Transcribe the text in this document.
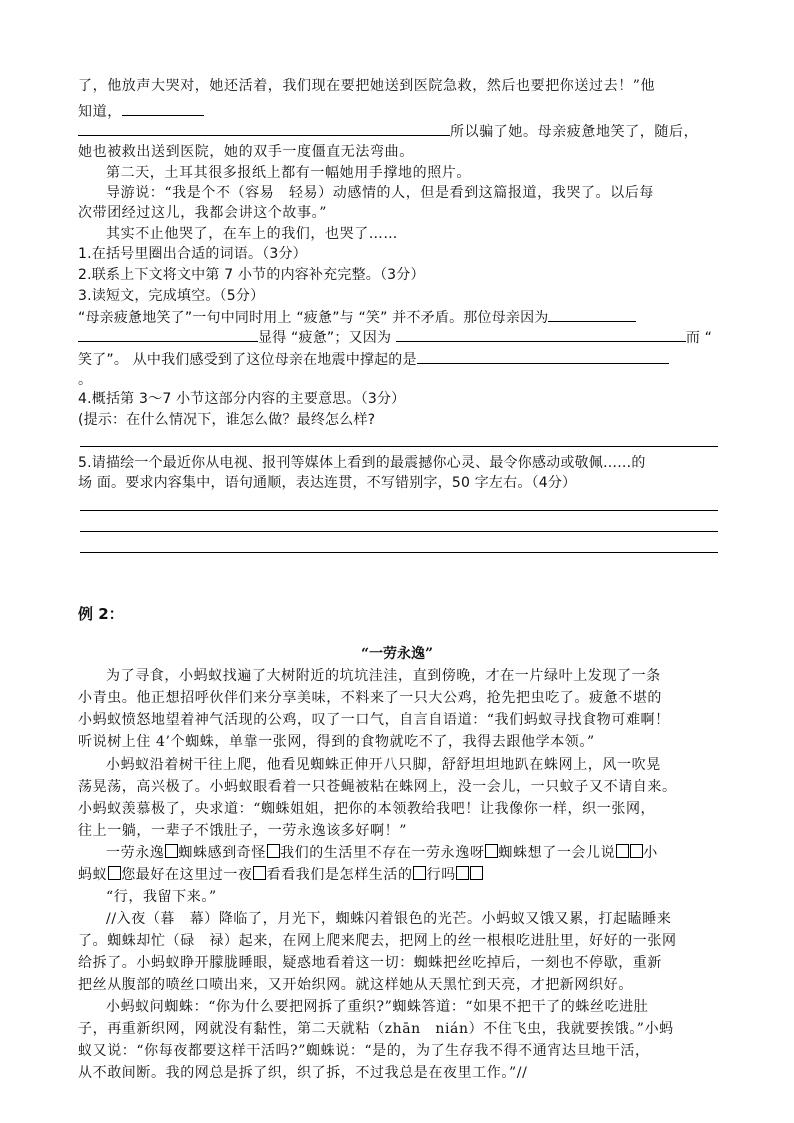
了，他放声大哭对，她还活着，我们现在要把她送到医院急救，然后也要把你送过去！”他
知道，
所以骗了她。母亲疲惫地笑了，随后，
她也被救出送到医院，她的双手一度僵直无法弯曲。
第二天，土耳其很多报纸上都有一幅她用手撑地的照片。
导游说：“我是个不（容易　轻易）动感情的人，但是看到这篇报道，我哭了。以后每
次带团经过这儿，我都会讲这个故事。”
其实不止他哭了，在车上的我们，也哭了……
1.在括号里圈出合适的词语。（3分）
2.联系上下文将文中第 7 小节的内容补充完整。（3分）
3.读短文，完成填空。（5分）
“母亲疲惫地笑了”一句中同时用上 “疲惫”与 “笑” 并不矛盾。那位母亲因为
显得 “疲惫”；又因为	而 “
笑了”。 从中我们感受到了这位母亲在地震中撑起的是
。
4.概括第 3～7 小节这部分内容的主要意思。（3分）
(提示：在什么情况下，谁怎么做？最终怎么样?
5.请描绘一个最近你从电视、报刊等媒体上看到的最震撼你心灵、最令你感动或敬佩……的
场 面。要求内容集中，语句通顺，表达连贯，不写错别字，50 字左右。（4分）
例 2：
“一劳永逸”
为了寻食，小蚂蚁找遍了大树附近的坑坑洼洼，直到傍晚，才在一片绿叶上发现了一条
小青虫。他正想招呼伙伴们来分享美味，不料来了一只大公鸡，抢先把虫吃了。疲惫不堪的
小蚂蚁愤怒地望着神气活现的公鸡，叹了一口气，自言自语道：“我们蚂蚁寻找食物可难啊！
听说树上住 4’个蜘蛛，单靠一张网，得到的食物就吃不了，我得去跟他学本领。”
小蚂蚁沿着树干往上爬，他看见蜘蛛正伸开八只脚，舒舒坦坦地趴在蛛网上，风一吹晃
荡晃荡，高兴极了。小蚂蚁眼看着一只苍蝇被粘在蛛网上，没一会儿，一只蚊子又不请自来。
小蚂蚁羡慕极了，央求道：“蜘蛛姐姐，把你的本领教给我吧！让我像你一样，织一张网，
往上一躺，一辈子不饿肚子，一劳永逸该多好啊！”
一劳永逸 蜘蛛感到奇怪 我们的生活里不存在一劳永逸呀 蜘蛛想了一会儿说 小
蚂蚁 您最好在这里过一夜 看看我们是怎样生活的 行吗
“行，我留下来。”
//入夜（暮　幕）降临了，月光下，蜘蛛闪着银色的光芒。小蚂蚁又饿又累，打起瞌睡来
了。蜘蛛却忙（碌　禄）起来，在网上爬来爬去，把网上的丝一根根吃进肚里，好好的一张网
给拆了。小蚂蚁睁开朦胧睡眼，疑惑地看着这一切：蜘蛛把丝吃掉后，一刻也不停歇，重新
把丝从腹部的喷丝口喷出来，又开始织网。就这样她从天黑忙到天亮，才把新网织好。
小蚂蚁问蜘蛛：“你为什么要把网拆了重织?”蜘蛛答道：“如果不把干了的蛛丝吃进肚
子，再重新织网，网就没有黏性，第二天就粘（zhān　nián）不住飞虫，我就要挨饿。”小蚂
蚁又说：“你每夜都要这样干活吗?”蜘蛛说：“是的，为了生存我不得不通宵达旦地干活，
从不敢间断。我的网总是拆了织，织了拆，不过我总是在夜里工作。”//
